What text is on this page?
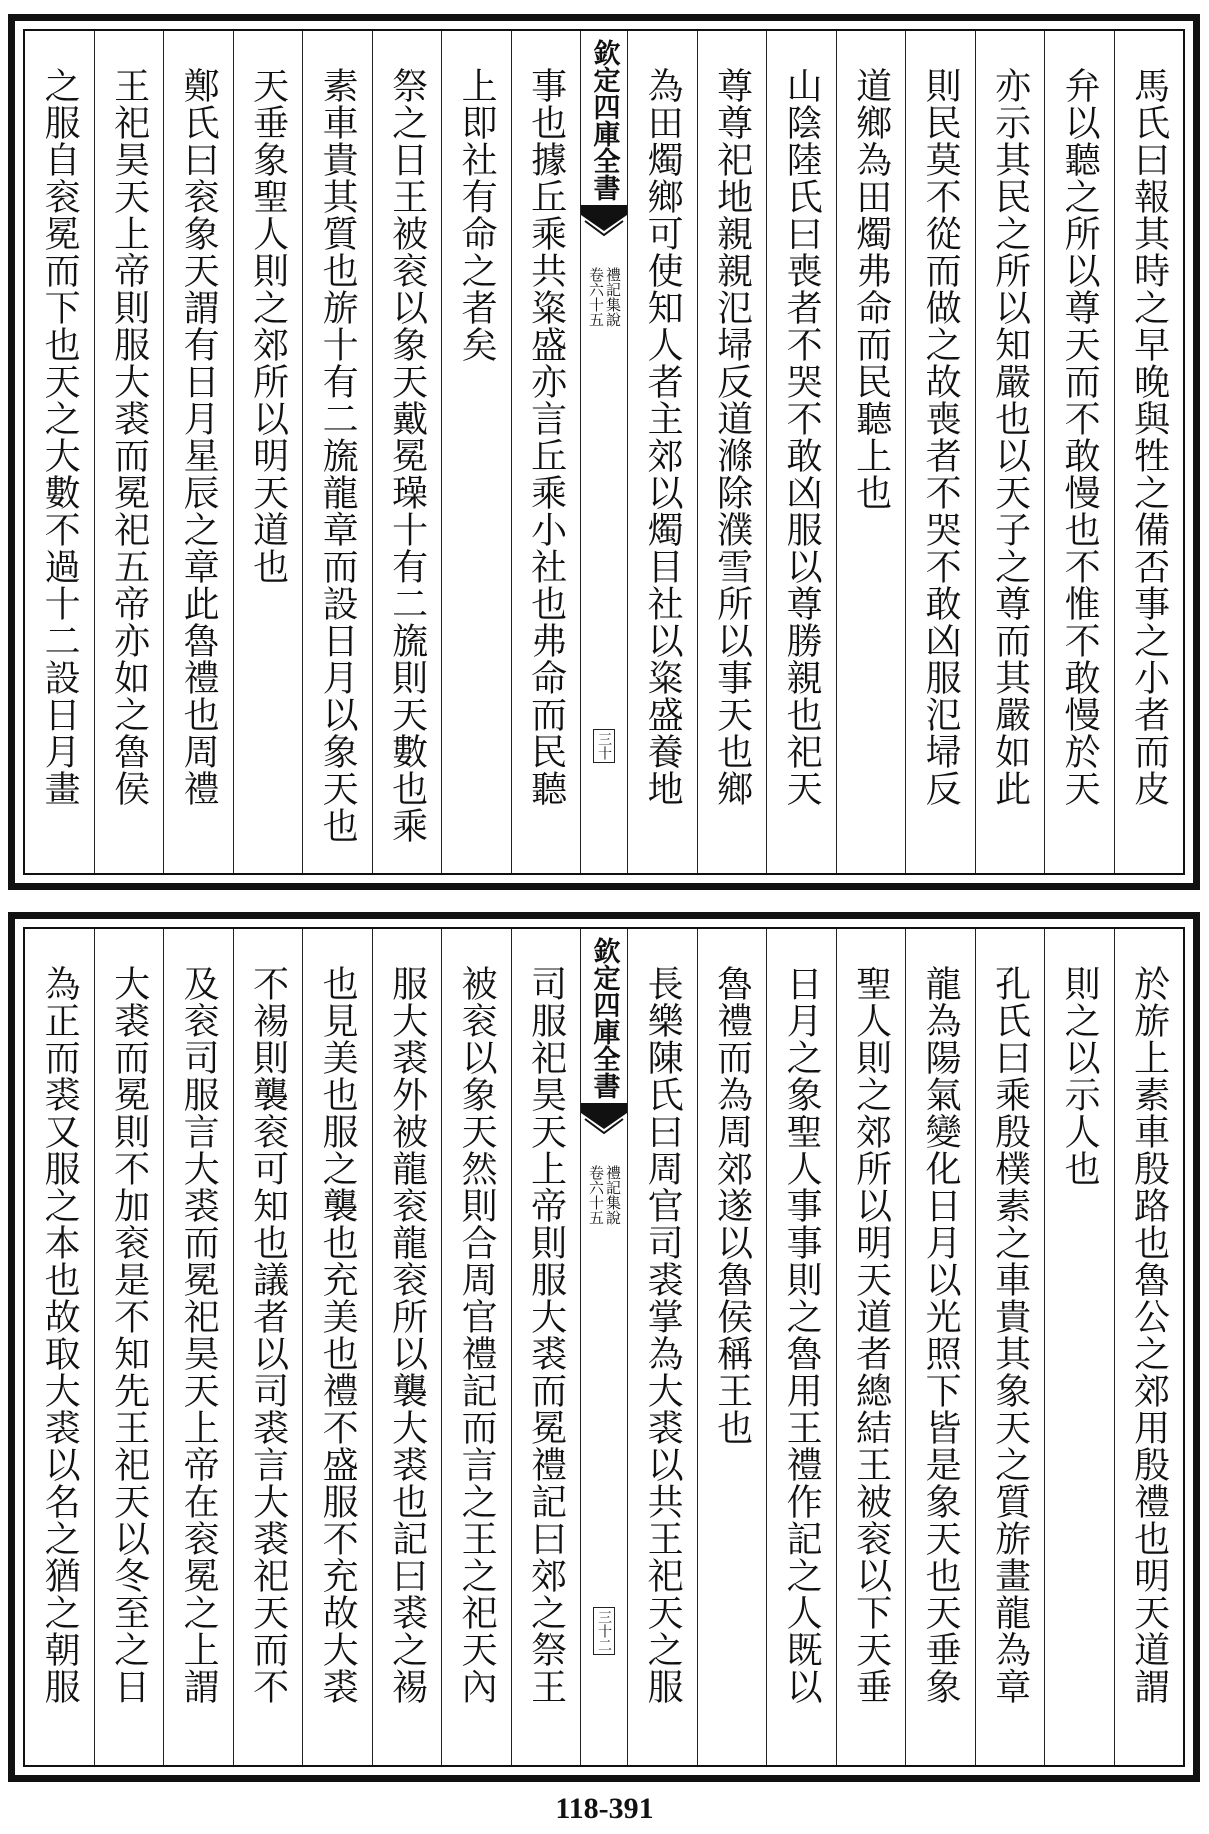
馬氏曰報其時之早晚與牲之備否事之小者而皮
弁以聽之所以尊天而不敢慢也不惟不敢慢於天
亦示其民之所以知嚴也以天子之尊而其嚴如此
則民莫不從而做之故喪者不哭不敢凶服氾埽反
道鄉為田燭弗命而民聽上也
山陰陸氏曰喪者不哭不敢凶服以尊勝親也祀天
尊尊祀地親親氾埽反道滌除濮雪所以事天也鄉
為田燭鄉可使知人者主郊以燭目社以粢盛養地
欽定四庫全書
禮記集說
卷六十五
三十
事也據丘乘共粢盛亦言丘乘小社也弗命而民聽
上即社有命之者矣
祭之日王被衮以象天戴冕璪十有二旒則天數也乘
素車貴其質也旂十有二旒龍章而設日月以象天也
天垂象聖人則之郊所以明天道也
鄭氏曰衮象天謂有日月星辰之章此魯禮也周禮
王祀昊天上帝則服大裘而冕祀五帝亦如之魯侯
之服自衮冕而下也天之大數不過十二設日月畫
於旂上素車殷路也魯公之郊用殷禮也明天道謂
則之以示人也
孔氏曰乘殷樸素之車貴其象天之質旂畫龍為章
龍為陽氣變化日月以光照下皆是象天也天垂象
聖人則之郊所以明天道者總結王被衮以下天垂
日月之象聖人事事則之魯用王禮作記之人既以
魯禮而為周郊遂以魯侯稱王也
長樂陳氏曰周官司裘掌為大裘以共王祀天之服
欽定四庫全書
禮記集說
卷六十五
三十二
司服祀昊天上帝則服大裘而冕禮記曰郊之祭王
被衮以象天然則合周官禮記而言之王之祀天內
服大裘外被龍衮龍衮所以襲大裘也記曰裘之裼
也見美也服之襲也充美也禮不盛服不充故大裘
不裼則襲衮可知也議者以司裘言大裘祀天而不
及衮司服言大裘而冕祀昊天上帝在衮冕之上謂
大裘而冕則不加衮是不知先王祀天以冬至之日
為正而裘又服之本也故取大裘以名之猶之朝服
118-391
